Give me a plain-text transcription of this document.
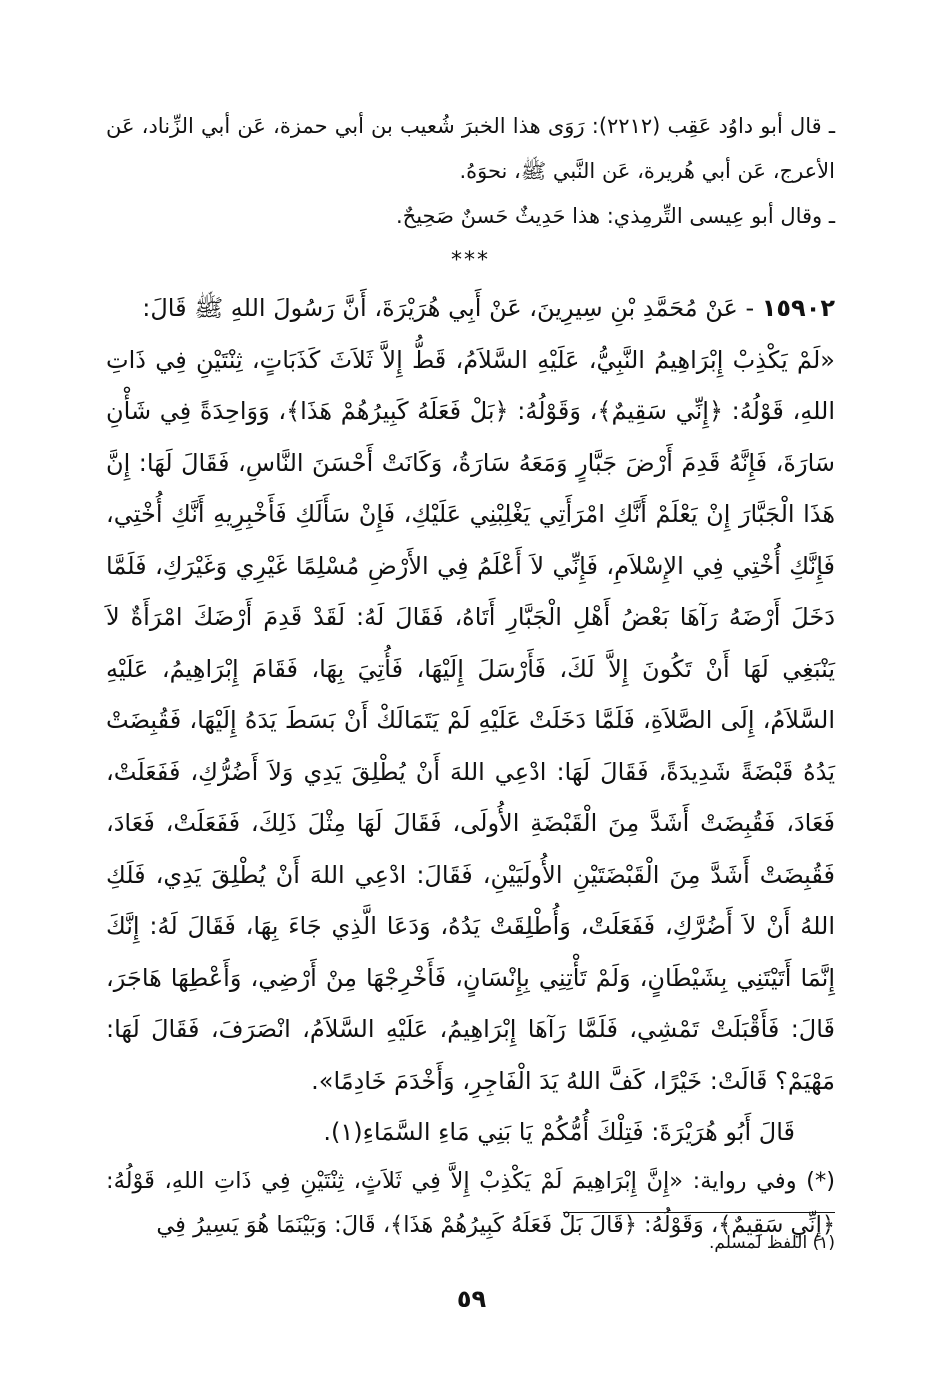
ـ قال أبو داوُد عَقِب (٢٢١٢): رَوَى هذا الخبرَ شُعيب بن أبي حمزة، عَن أبي الزِّناد، عَن الأعرج، عَن أبي هُريرة، عَن النَّبي ﷺ، نحوَهُ.

ـ وقال أبو عِيسى التِّرمِذي: هذا حَدِيثٌ حَسنٌ صَحِيحٌ.

***

١٥٩٠٢ - عَنْ مُحَمَّدِ بْنِ سِيرِينَ، عَنْ أَبِي هُرَيْرَةَ، أَنَّ رَسُولَ اللهِ ﷺ قَالَ:

«لَمْ يَكْذِبْ إِبْرَاهِيمُ النَّبِيُّ، عَلَيْهِ السَّلاَمُ، قَطُّ إِلاَّ ثَلاَثَ كَذَبَاتٍ، ثِنْتَيْنِ فِي ذَاتِ اللهِ، قَوْلُهُ: ﴿إِنِّي سَقِيمٌ﴾، وَقَوْلُهُ: ﴿بَلْ فَعَلَهُ كَبِيرُهُمْ هَذَا﴾، وَوَاحِدَةً فِي شَأْنِ سَارَةَ، فَإِنَّهُ قَدِمَ أَرْضَ جَبَّارٍ وَمَعَهُ سَارَةُ، وَكَانَتْ أَحْسَنَ النَّاسِ، فَقَالَ لَهَا: إِنَّ هَذَا الْجَبَّارَ إِنْ يَعْلَمْ أَنَّكِ امْرَأَتِي يَغْلِبْنِي عَلَيْكِ، فَإِنْ سَأَلَكِ فَأَخْبِرِيهِ أَنَّكِ أُخْتِي، فَإِنَّكِ أُخْتِي فِي الإِسْلاَمِ، فَإِنِّي لاَ أَعْلَمُ فِي الأَرْضِ مُسْلِمًا غَيْرِي وَغَيْرَكِ، فَلَمَّا دَخَلَ أَرْضَهُ رَآهَا بَعْضُ أَهْلِ الْجَبَّارِ أَتَاهُ، فَقَالَ لَهُ: لَقَدْ قَدِمَ أَرْضَكَ امْرَأَةٌ لاَ يَنْبَغِي لَهَا أَنْ تَكُونَ إِلاَّ لَكَ، فَأَرْسَلَ إِلَيْهَا، فَأُتِيَ بِهَا، فَقَامَ إِبْرَاهِيمُ، عَلَيْهِ السَّلاَمُ، إِلَى الصَّلاَةِ، فَلَمَّا دَخَلَتْ عَلَيْهِ لَمْ يَتَمَالَكْ أَنْ بَسَطَ يَدَهُ إِلَيْهَا، فَقُبِضَتْ يَدُهُ قَبْضَةً شَدِيدَةً، فَقَالَ لَهَا: ادْعِي اللهَ أَنْ يُطْلِقَ يَدِي وَلاَ أَضُرُّكِ، فَفَعَلَتْ، فَعَادَ، فَقُبِضَتْ أَشَدَّ مِنَ الْقَبْضَةِ الأُولَى، فَقَالَ لَهَا مِثْلَ ذَلِكَ، فَفَعَلَتْ، فَعَادَ، فَقُبِضَتْ أَشَدَّ مِنَ الْقَبْضَتَيْنِ الأُولَيَيْنِ، فَقَالَ: ادْعِي اللهَ أَنْ يُطْلِقَ يَدِي، فَلَكِ اللهُ أَنْ لاَ أَضُرَّكِ، فَفَعَلَتْ، وَأُطْلِقَتْ يَدُهُ، وَدَعَا الَّذِي جَاءَ بِهَا، فَقَالَ لَهُ: إِنَّكَ إِنَّمَا أَتَيْتَنِي بِشَيْطَانٍ، وَلَمْ تَأْتِنِي بِإِنْسَانٍ، فَأَخْرِجْهَا مِنْ أَرْضِي، وَأَعْطِهَا هَاجَرَ، قَالَ: فَأَقْبَلَتْ تَمْشِي، فَلَمَّا رَآهَا إِبْرَاهِيمُ، عَلَيْهِ السَّلاَمُ، انْصَرَفَ، فَقَالَ لَهَا: مَهْيَمْ؟ قَالَتْ: خَيْرًا، كَفَّ اللهُ يَدَ الْفَاجِرِ، وَأَخْدَمَ خَادِمًا».

قَالَ أَبُو هُرَيْرَةَ: فَتِلْكَ أُمُّكُمْ يَا بَنِي مَاءِ السَّمَاءِ(١).

(*) وفي رواية: «إِنَّ إِبْرَاهِيمَ لَمْ يَكْذِبْ إِلاَّ فِي ثَلاَثٍ، ثِنْتَيْنِ فِي ذَاتِ اللهِ، قَوْلُهُ: ﴿إِنِّي سَقِيمٌ﴾، وَقَوْلُهُ: ﴿قَالَ بَلْ فَعَلَهُ كَبِيرُهُمْ هَذَا﴾، قَالَ: وَبَيْنَمَا هُوَ يَسِيرُ فِي

(١) اللفظ لمسلم.

٥٩
